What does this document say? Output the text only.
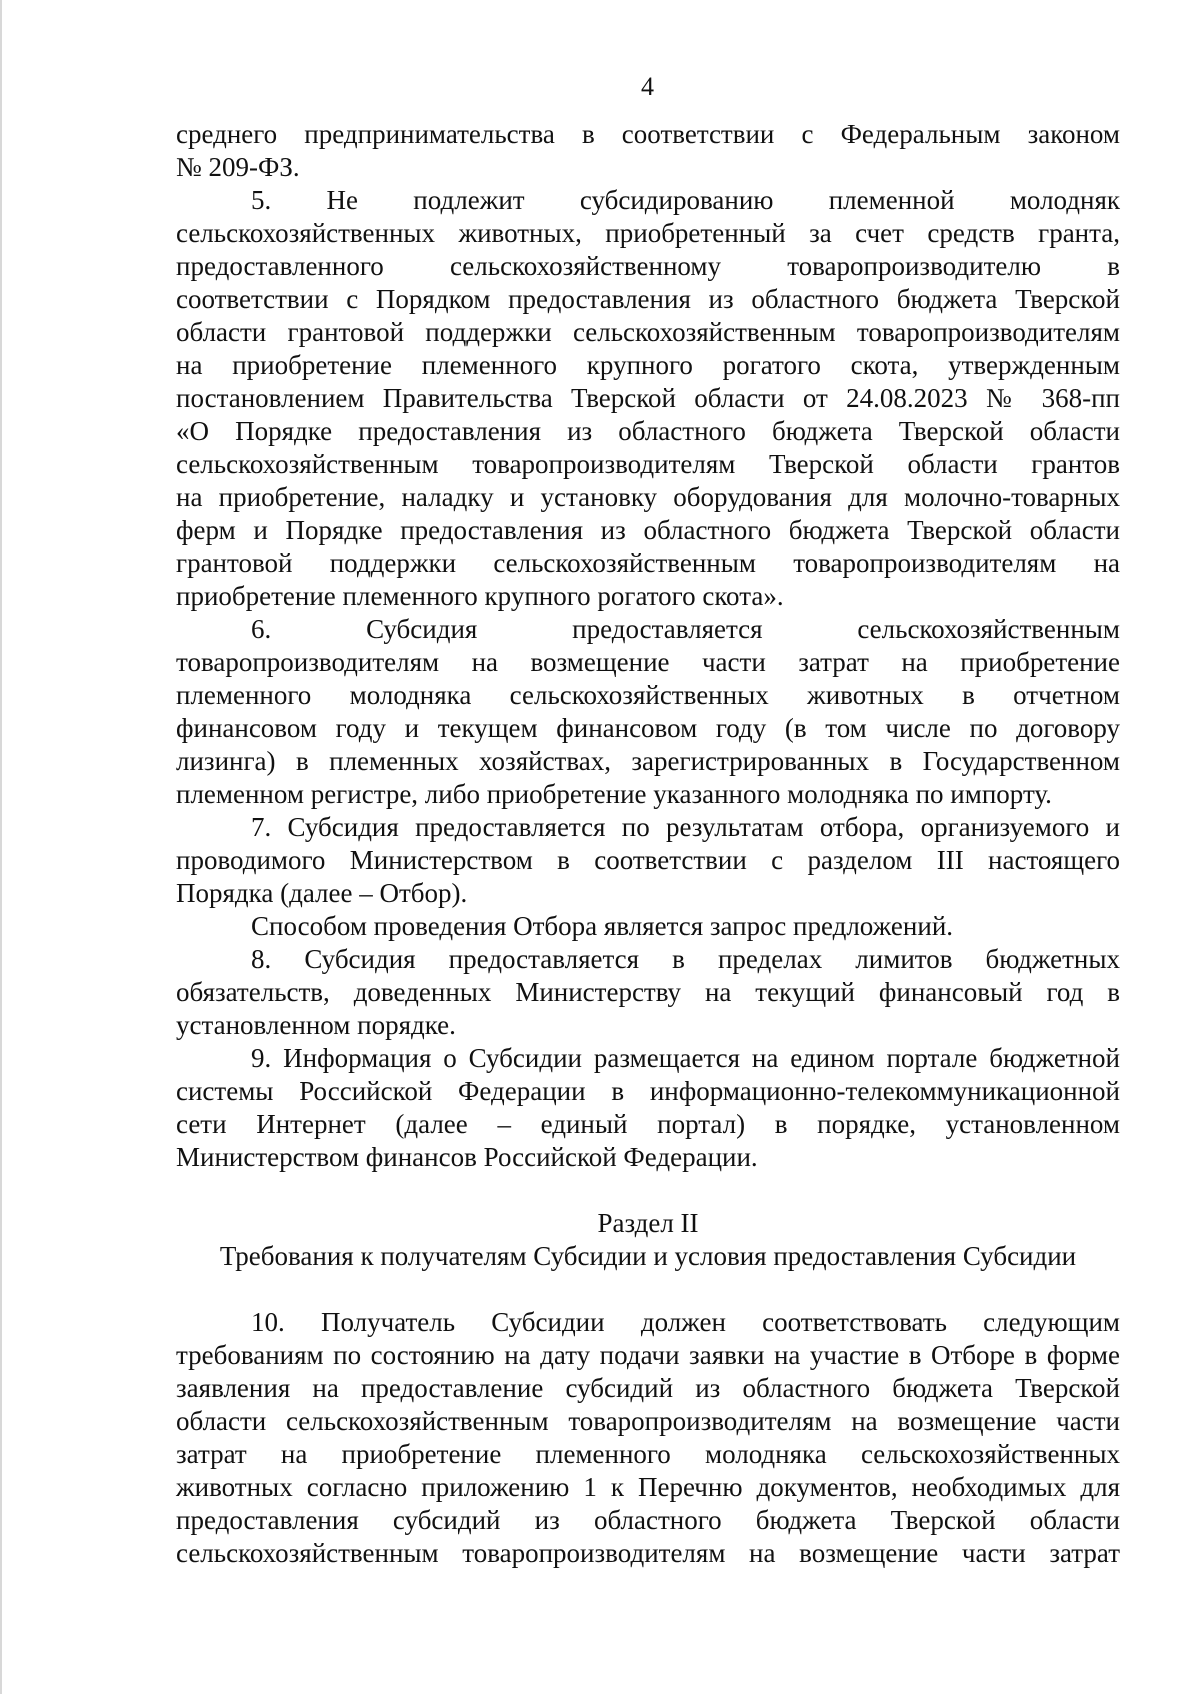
4
среднего предпринимательства в соответствии с Федеральным законом
№ 209-ФЗ.
5. Не подлежит субсидированию племенной молодняк
сельскохозяйственных животных, приобретенный за счет средств гранта,
предоставленного сельскохозяйственному товаропроизводителю в
соответствии с Порядком предоставления из областного бюджета Тверской
области грантовой поддержки сельскохозяйственным товаропроизводителям
на приобретение племенного крупного рогатого скота, утвержденным
постановлением Правительства Тверской области от 24.08.2023 № 368-пп
«О Порядке предоставления из областного бюджета Тверской области
сельскохозяйственным товаропроизводителям Тверской области грантов
на приобретение, наладку и установку оборудования для молочно-товарных
ферм и Порядке предоставления из областного бюджета Тверской области
грантовой поддержки сельскохозяйственным товаропроизводителям на
приобретение племенного крупного рогатого скота».
6. Субсидия предоставляется сельскохозяйственным
товаропроизводителям на возмещение части затрат на приобретение
племенного молодняка сельскохозяйственных животных в отчетном
финансовом году и текущем финансовом году (в том числе по договору
лизинга) в племенных хозяйствах, зарегистрированных в Государственном
племенном регистре, либо приобретение указанного молодняка по импорту.
7. Субсидия предоставляется по результатам отбора, организуемого и
проводимого Министерством в соответствии с разделом III настоящего
Порядка (далее – Отбор).
Способом проведения Отбора является запрос предложений.
8. Субсидия предоставляется в пределах лимитов бюджетных
обязательств, доведенных Министерству на текущий финансовый год в
установленном порядке.
9. Информация о Субсидии размещается на едином портале бюджетной
системы Российской Федерации в информационно-телекоммуникационной
сети Интернет (далее – единый портал) в порядке, установленном
Министерством финансов Российской Федерации.
Раздел II
Требования к получателям Субсидии и условия предоставления Субсидии
10. Получатель Субсидии должен соответствовать следующим
требованиям по состоянию на дату подачи заявки на участие в Отборе в форме
заявления на предоставление субсидий из областного бюджета Тверской
области сельскохозяйственным товаропроизводителям на возмещение части
затрат на приобретение племенного молодняка сельскохозяйственных
животных согласно приложению 1 к Перечню документов, необходимых для
предоставления субсидий из областного бюджета Тверской области
сельскохозяйственным товаропроизводителям на возмещение части затрат
